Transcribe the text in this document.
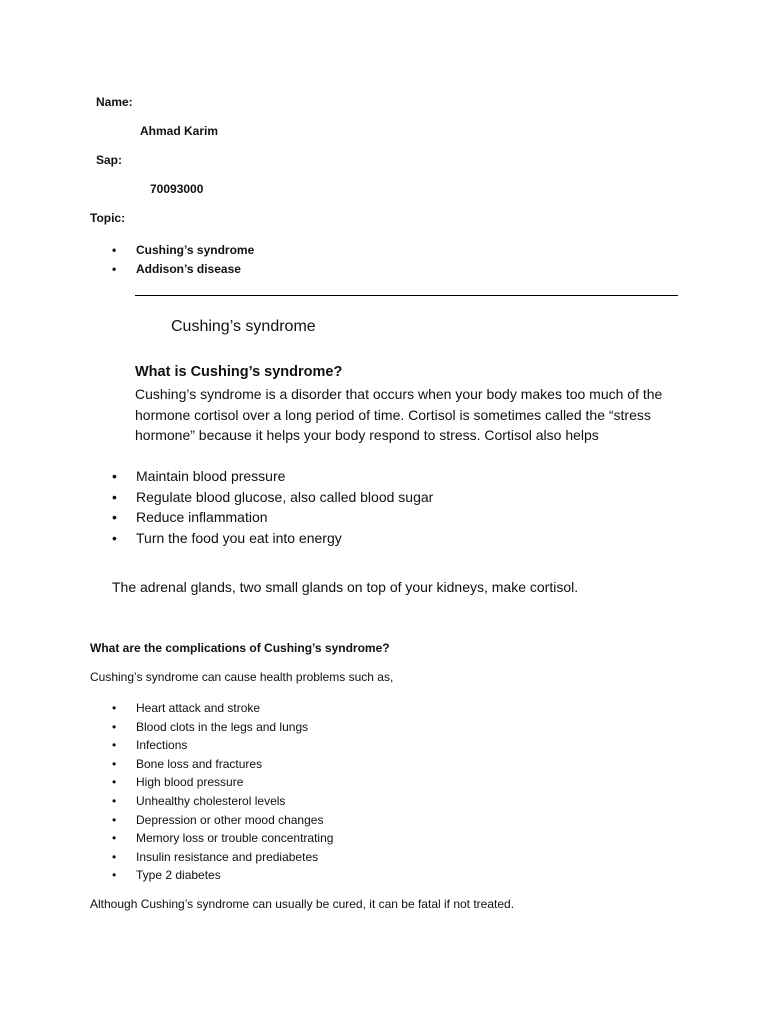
Name:
Ahmad Karim
Sap:
70093000
Topic:
• Cushing’s syndrome
• Addison’s disease
Cushing’s syndrome
What is Cushing’s syndrome?
Cushing’s syndrome is a disorder that occurs when your body makes too much of the hormone cortisol over a long period of time. Cortisol is sometimes called the “stress hormone” because it helps your body respond to stress. Cortisol also helps
• Maintain blood pressure
• Regulate blood glucose, also called blood sugar
• Reduce inflammation
• Turn the food you eat into energy
The adrenal glands, two small glands on top of your kidneys, make cortisol.
What are the complications of Cushing’s syndrome?
Cushing’s syndrome can cause health problems such as,
• Heart attack and stroke
• Blood clots in the legs and lungs
• Infections
• Bone loss and fractures
• High blood pressure
• Unhealthy cholesterol levels
• Depression or other mood changes
• Memory loss or trouble concentrating
• Insulin resistance and prediabetes
• Type 2 diabetes
Although Cushing’s syndrome can usually be cured, it can be fatal if not treated.
